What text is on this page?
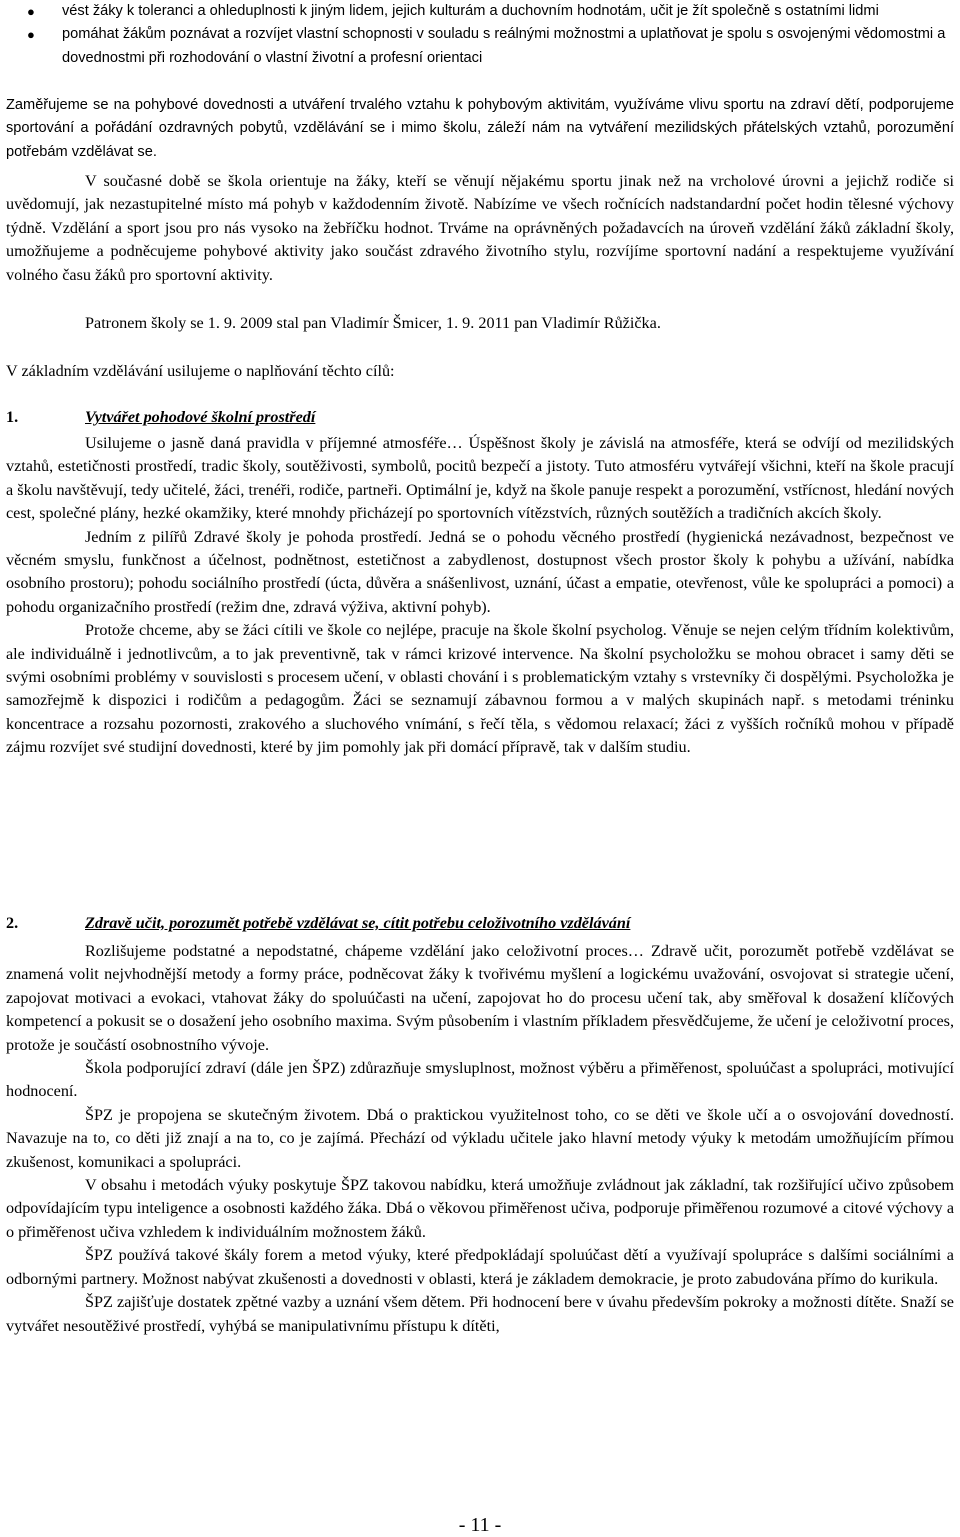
● vést žáky k toleranci a ohleduplnosti k jiným lidem, jejich kulturám a duchovním hodnotám, učit je žít společně s ostatními lidmi
● pomáhat žákům poznávat a rozvíjet vlastní schopnosti v souladu s reálnými možnostmi a uplatňovat je spolu s osvojenými vědomostmi a dovednostmi při rozhodování o vlastní životní a profesní orientaci

Zaměřujeme se na pohybové dovednosti a utváření trvalého vztahu k pohybovým aktivitám, využíváme vlivu sportu na zdraví dětí, podporujeme sportování a pořádání ozdravných pobytů, vzdělávání se i mimo školu, záleží nám na vytváření mezilidských přátelských vztahů, porozumění potřebám vzdělávat se.

V současné době se škola orientuje na žáky, kteří se věnují nějakému sportu jinak než na vrcholové úrovni a jejichž rodiče si uvědomují, jak nezastupitelné místo má pohyb v každodenním životě. Nabízíme ve všech ročnících nadstandardní počet hodin tělesné výchovy týdně. Vzdělání a sport jsou pro nás vysoko na žebříčku hodnot. Trváme na oprávněných požadavcích na úroveň vzdělání žáků základní školy, umožňujeme a podněcujeme pohybové aktivity jako součást zdravého životního stylu, rozvíjíme sportovní nadání a respektujeme využívání volného času žáků pro sportovní aktivity.

Patronem školy se 1. 9. 2009 stal pan Vladimír Šmicer, 1. 9. 2011 pan Vladimír Růžička.

V základním vzdělávání usilujeme o naplňování těchto cílů:

1.	Vytvářet pohodové školní prostředí

Usilujeme o jasně daná pravidla v příjemné atmosféře… Úspěšnost školy je závislá na atmosféře, která se odvíjí od mezilidských vztahů, estetičnosti prostředí, tradic školy, soutěživosti, symbolů, pocitů bezpečí a jistoty. Tuto atmosféru vytvářejí všichni, kteří na škole pracují a školu navštěvují, tedy učitelé, žáci, trenéři, rodiče, partneři. Optimální je, když na škole panuje respekt a porozumění, vstřícnost, hledání nových cest, společné plány, hezké okamžiky, které mnohdy přicházejí po sportovních vítězstvích, různých soutěžích a tradičních akcích školy.

Jedním z pilířů Zdravé školy je pohoda prostředí. Jedná se o pohodu věcného prostředí (hygienická nezávadnost, bezpečnost ve věcném smyslu, funkčnost a účelnost, podnětnost, estetičnost a zabydlenost, dostupnost všech prostor školy k pohybu a užívání, nabídka osobního prostoru); pohodu sociálního prostředí (úcta, důvěra a snášenlivost, uznání, účast a empatie, otevřenost, vůle ke spolupráci a pomoci) a pohodu organizačního prostředí (režim dne, zdravá výživa, aktivní pohyb).

Protože chceme, aby se žáci cítili ve škole co nejlépe, pracuje na škole školní psycholog. Věnuje se nejen celým třídním kolektivům, ale individuálně i jednotlivcům, a to jak preventivně, tak v rámci krizové intervence. Na školní psycholožku se mohou obracet i samy děti se svými osobními problémy v souvislosti s procesem učení, v oblasti chování i s problematickým vztahy s vrstevníky či dospělými. Psycholožka je samozřejmě k dispozici i rodičům a pedagogům. Žáci se seznamují zábavnou formou a v malých skupinách např. s metodami tréninku koncentrace a rozsahu pozornosti, zrakového a sluchového vnímání, s řečí těla, s vědomou relaxací; žáci z vyšších ročníků mohou v případě zájmu rozvíjet své studijní dovednosti, které by jim pomohly jak při domácí přípravě, tak v dalším studiu.

2.	Zdravě učit, porozumět potřebě vzdělávat se, cítit potřebu celoživotního vzdělávání

Rozlišujeme podstatné a nepodstatné, chápeme vzdělání jako celoživotní proces… Zdravě učit, porozumět potřebě vzdělávat se znamená volit nejvhodnější metody a formy práce, podněcovat žáky k tvořivému myšlení a logickému uvažování, osvojovat si strategie učení, zapojovat motivaci a evokaci, vtahovat žáky do spoluúčasti na učení, zapojovat ho do procesu učení tak, aby směřoval k dosažení klíčových kompetencí a pokusit se o dosažení jeho osobního maxima. Svým působením i vlastním příkladem přesvědčujeme, že učení je celoživotní proces, protože je součástí osobnostního vývoje.

Škola podporující zdraví (dále jen ŠPZ) zdůrazňuje smysluplnost, možnost výběru a přiměřenost, spoluúčast a spolupráci, motivující hodnocení.

ŠPZ je propojena se skutečným životem. Dbá o praktickou využitelnost toho, co se děti ve škole učí a o osvojování dovedností. Navazuje na to, co děti již znají a na to, co je zajímá. Přechází od výkladu učitele jako hlavní metody výuky k metodám umožňujícím přímou zkušenost, komunikaci a spolupráci.

V obsahu i metodách výuky poskytuje ŠPZ takovou nabídku, která umožňuje zvládnout jak základní, tak rozšiřující učivo způsobem odpovídajícím typu inteligence a osobnosti každého žáka. Dbá o věkovou přiměřenost učiva, podporuje přiměřenou rozumové a citové výchovy a o přiměřenost učiva vzhledem k individuálním možnostem žáků.

ŠPZ používá takové škály forem a metod výuky, které předpokládají spoluúčast dětí a využívají spolupráce s dalšími sociálními a odbornými partnery. Možnost nabývat zkušenosti a dovednosti v oblasti, která je základem demokracie, je proto zabudována přímo do kurikula.

ŠPZ zajišťuje dostatek zpětné vazby a uznání všem dětem. Při hodnocení bere v úvahu především pokroky a možnosti dítěte. Snaží se vytvářet nesoutěživé prostředí, vyhýbá se manipulativnímu přístupu k dítěti,

- 11 -
